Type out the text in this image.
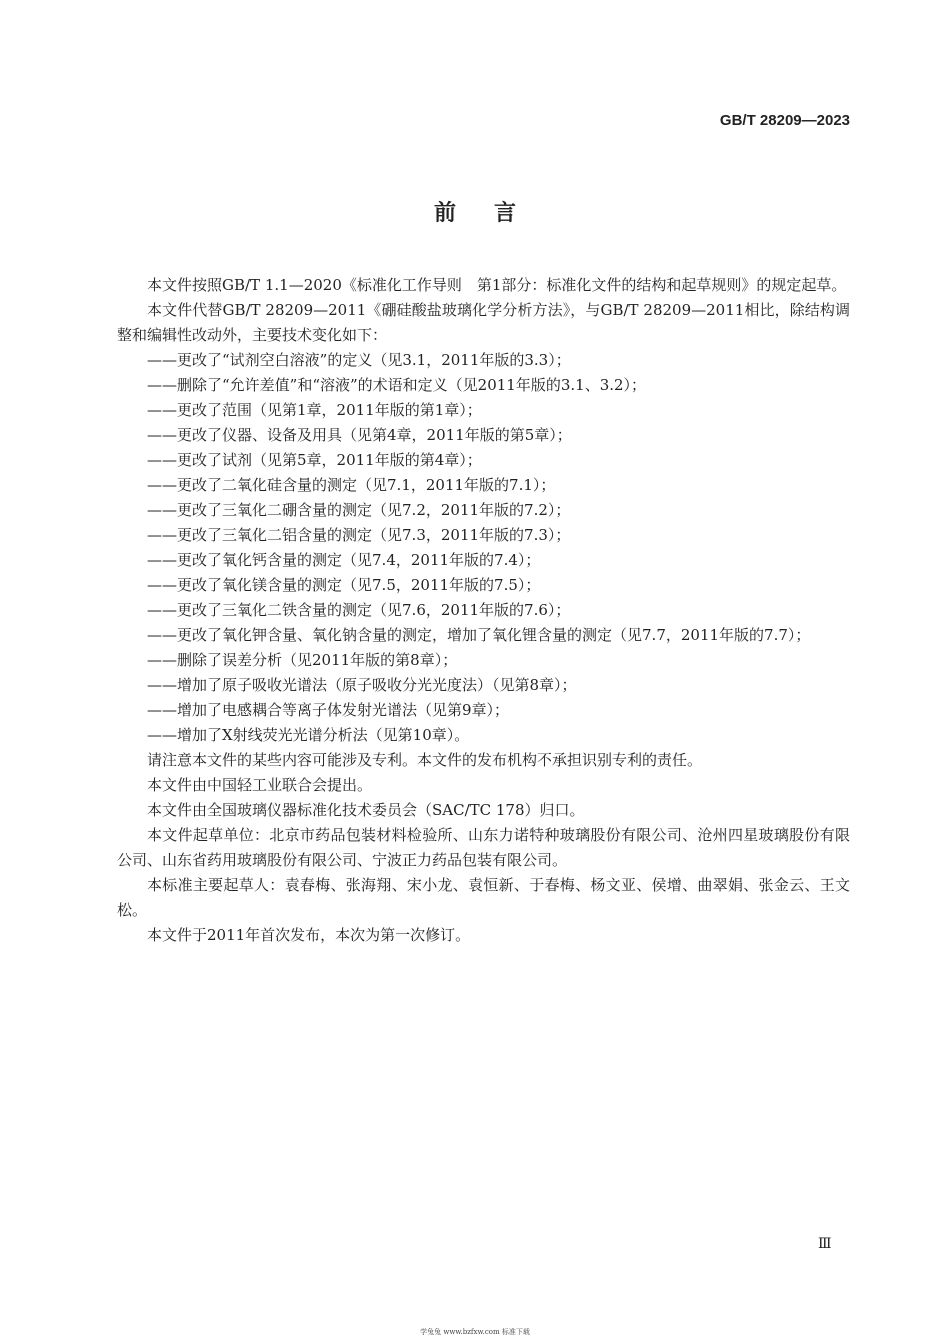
GB/T 28209—2023
前言

本文件按照GB/T 1.1—2020《标准化工作导则　第1部分：标准化文件的结构和起草规则》的规定起草。

本文件代替GB/T 28209—2011《硼硅酸盐玻璃化学分析方法》，与GB/T 28209—2011相比，除结构调整和编辑性改动外，主要技术变化如下：

——更改了“试剂空白溶液”的定义（见3.1，2011年版的3.3）；

——删除了“允许差值”和“溶液”的术语和定义（见2011年版的3.1、3.2）；

——更改了范围（见第1章，2011年版的第1章）；

——更改了仪器、设备及用具（见第4章，2011年版的第5章）；

——更改了试剂（见第5章，2011年版的第4章）；

——更改了二氧化硅含量的测定（见7.1，2011年版的7.1）；

——更改了三氧化二硼含量的测定（见7.2，2011年版的7.2）；

——更改了三氧化二铝含量的测定（见7.3，2011年版的7.3）；

——更改了氧化钙含量的测定（见7.4，2011年版的7.4）；

——更改了氧化镁含量的测定（见7.5，2011年版的7.5）；

——更改了三氧化二铁含量的测定（见7.6，2011年版的7.6）；

——更改了氧化钾含量、氧化钠含量的测定，增加了氧化锂含量的测定（见7.7，2011年版的7.7）；

——删除了误差分析（见2011年版的第8章）；

——增加了原子吸收光谱法（原子吸收分光光度法）（见第8章）；

——增加了电感耦合等离子体发射光谱法（见第9章）；

——增加了X射线荧光光谱分析法（见第10章）。

请注意本文件的某些内容可能涉及专利。本文件的发布机构不承担识别专利的责任。

本文件由中国轻工业联合会提出。

本文件由全国玻璃仪器标准化技术委员会（SAC/TC 178）归口。

本文件起草单位：北京市药品包装材料检验所、山东力诺特种玻璃股份有限公司、沧州四星玻璃股份有限公司、山东省药用玻璃股份有限公司、宁波正力药品包装有限公司。

本标准主要起草人：袁春梅、张海翔、宋小龙、袁恒新、于春梅、杨文亚、侯增、曲翠娟、张金云、王文松。

本文件于2011年首次发布，本次为第一次修订。

Ⅲ
学兔兔 www.bzfxw.com 标准下载
